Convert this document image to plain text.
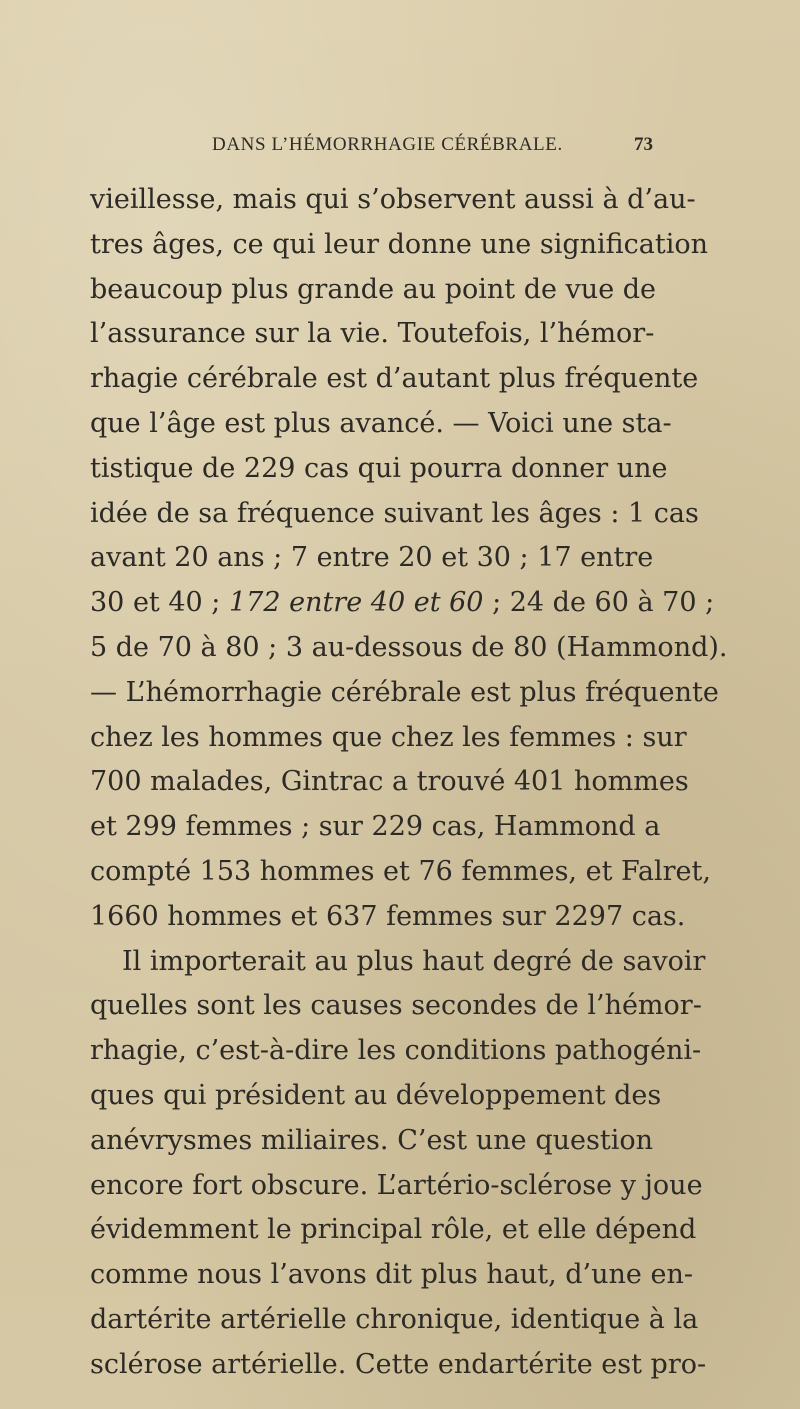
DANS L’HÉMORRHAGIE CÉRÉBRALE.	73
vieillesse, mais qui s’observent aussi à d’au-
tres âges, ce qui leur donne une signification
beaucoup plus grande au point de vue de
l’assurance sur la vie. Toutefois, l’hémor-
rhagie cérébrale est d’autant plus fréquente
que l’âge est plus avancé. — Voici une sta-
tistique de 229 cas qui pourra donner une
idée de sa fréquence suivant les âges : 1 cas
avant 20 ans ; 7 entre 20 et 30 ; 17 entre
30 et 40 ; 172 entre 40 et 60 ; 24 de 60 à 70 ;
5 de 70 à 80 ; 3 au-dessous de 80 (Hammond).
— L’hémorrhagie cérébrale est plus fréquente
chez les hommes que chez les femmes : sur
700 malades, Gintrac a trouvé 401 hommes
et 299 femmes ; sur 229 cas, Hammond a
compté 153 hommes et 76 femmes, et Falret,
1660 hommes et 637 femmes sur 2297 cas.
Il importerait au plus haut degré de savoir
quelles sont les causes secondes de l’hémor-
rhagie, c’est-à-dire les conditions pathogéni-
ques qui président au développement des
anévrysmes miliaires. C’est une question
encore fort obscure. L’artério-sclérose y joue
évidemment le principal rôle, et elle dépend
comme nous l’avons dit plus haut, d’une en-
dartérite artérielle chronique, identique à la
sclérose artérielle. Cette endartérite est pro-
